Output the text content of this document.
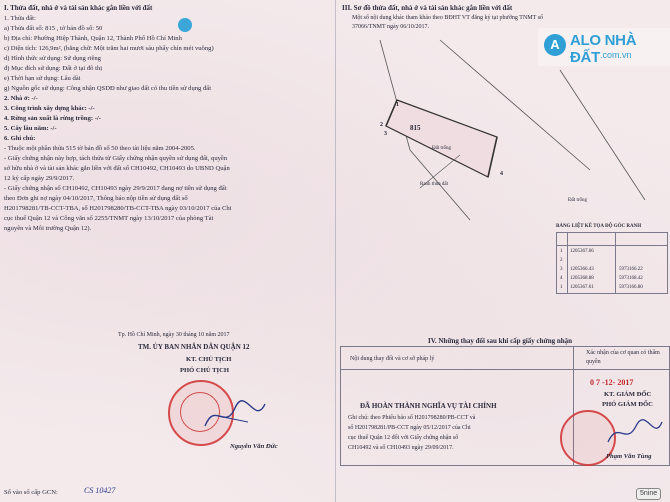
I. Thửa đất, nhà ở và tài sản khác gắn liền với đất
1. Thửa đất:
a) Thửa đất số: 815 , tờ bản đồ số: 50
b) Địa chỉ: Phường Hiệp Thành, Quận 12, Thành Phố Hồ Chí Minh
c) Diện tích: 126,9m², (bằng chữ: Một trăm hai mươi sáu phẩy chín mét vuông)
d) Hình thức sử dụng: Sử dụng riêng
đ) Mục đích sử dụng: Đất ở tại đô thị
e) Thời hạn sử dụng: Lâu dài
g) Nguồn gốc sử dụng: Công nhận QSDĐ như giao đất có thu tiền sử dụng đất
2. Nhà ở: -/-
3. Công trình xây dựng khác: -/-
4. Rừng sản xuất là rừng trồng: -/-
5. Cây lâu năm: -/-
6. Ghi chú:
- Thuộc một phần thửa 515 tờ bản đồ số 50 theo tài liệu năm 2004-2005.
- Giấy chứng nhận này hợp, tách thửa từ Giấy chứng nhận quyền sử dụng đất, quyền
sở hữu nhà ở và tài sản khác gắn liền với đất số CH10492, CH10493 do UBND Quận
12 ký cấp ngày 29/9/2017.
- Giấy chứng nhận số CH10492, CH10493 ngày 29/9/2017 đang nợ tiền sử dụng đất
theo Đơn ghi nợ ngày 04/10/2017, Thông báo nộp tiền sử dụng đất số
H201798281/TB-CCT-TBA, số H201798280/TB-CCT-TBA ngày 03/10/2017 của Chi
cục thuế Quận 12 và Công văn số 2255/TNMT ngày 13/10/2017 của phòng Tài
nguyên và Môi trường Quận 12).
Tp. Hồ Chí Minh, ngày 30 tháng 10 năm 2017
TM. ỦY BAN NHÂN DÂN QUẬN 12
KT. CHỦ TỊCH
PHÓ CHỦ TỊCH
Nguyễn Văn Đức
Số vào sổ cấp GCN:	CS 10427
III. Sơ đồ thửa đất, nhà ở và tài sản khác gắn liền với đất
Một số nội dung khác tham khảo theo BĐHT VT đăng ký tại phường TNMT số
37066/TNMT ngày 06/10/2017.
A ALO NHÀ ĐẤT .com.vn
815
1
2
3
4
Đất trống
Ranh thửa đất
Đất trống
BẢNG LIỆT KÊ TỌA ĐỘ GÓC RANH
1 1205367.66
2
3 1205366.43	5973166.22
4 1205368.88	5973168.42
1 1205367.61	5973166.80
IV. Những thay đổi sau khi cấp giấy chứng nhận
Nội dung thay đổi và cơ sở pháp lý
Xác nhận của cơ quan có thẩm quyền
ĐÃ HOÀN THÀNH NGHĨA VỤ TÀI CHÍNH
Ghi chú: theo Phiếu báo số H201798280/PB-CCT và
số H201798281/PB-CCT ngày 05/12/2017 của Chi
cục thuế Quận 12 đối với Giấy chứng nhận số
CH10492 và số CH10493 ngày 29/09/2017.
0 7 -12- 2017
KT. GIÁM ĐỐC
PHÓ GIÁM ĐỐC
Phạm Văn Tùng
5nine
